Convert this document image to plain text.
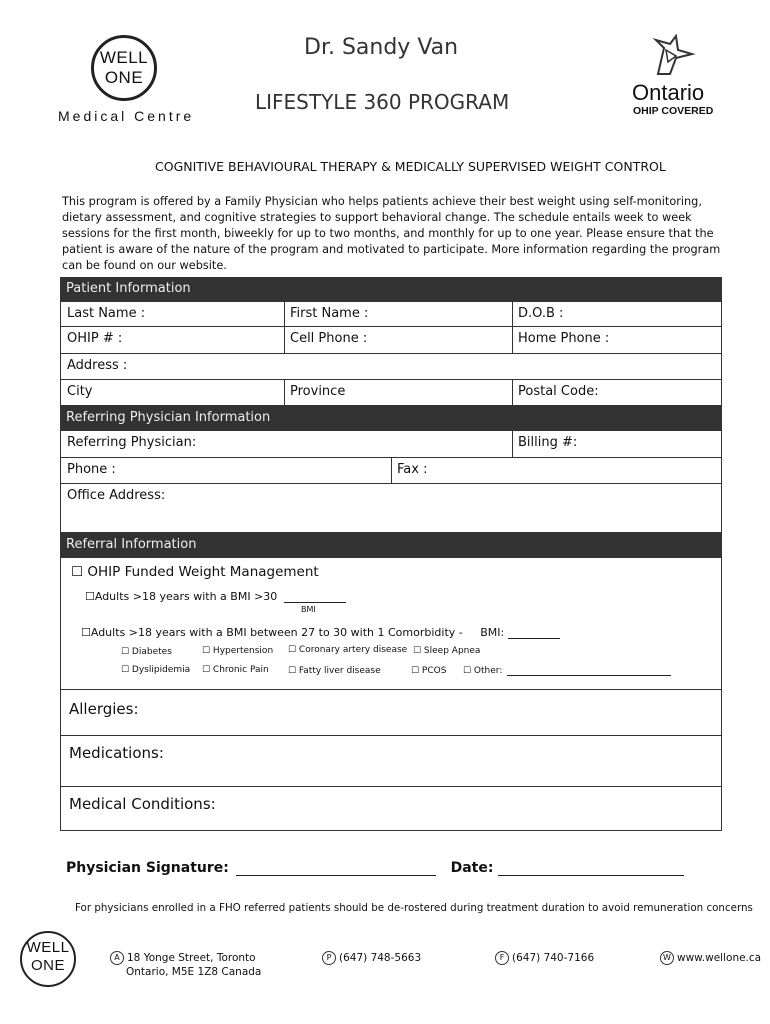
WELL
ONE
Medical Centre
Dr. Sandy Van
LIFESTYLE 360 PROGRAM	Ontario
OHIP COVERED
COGNITIVE BEHAVIOURAL THERAPY & MEDICALLY SUPERVISED WEIGHT CONTROL
This program is offered by a Family Physician who helps patients achieve their best weight using self-monitoring, dietary assessment, and cognitive strategies to support behavioral change. The schedule entails week to week sessions for the first month, biweekly for up to two months, and monthly for up to one year. Please ensure that the patient is aware of the nature of the program and motivated to participate. More information regarding the program can be found on our website.
Patient Information
Last Name :	First Name :	D.O.B :
OHIP # :	Cell Phone :	Home Phone :
Address :
City	Province	Postal Code:
Referring Physician Information
Referring Physician:	Billing #:
Phone :	Fax :
Office Address:
Referral Information
☐ OHIP Funded Weight Management
☐Adults >18 years with a BMI >30
BMI
☐Adults >18 years with a BMI between 27 to 30 with 1 Comorbidity - BMI:
☐ Diabetes	☐ Hypertension ☐ Coronary artery disease ☐ Sleep Apnea
☐ Dyslipidemia ☐ Chronic Pain ☐ Fatty liver disease	☐ PCOS ☐ Other:
Allergies:
Medications:
Medical Conditions:
Physician Signature:	Date:
For physicians enrolled in a FHO referred patients should be de-rostered during treatment duration to avoid remuneration concerns
WELL
ONE	A 18 Yonge Street, Toronto
Ontario, M5E 1Z8 Canada
P (647) 748-5663	F (647) 740-7166	W www.wellone.ca
